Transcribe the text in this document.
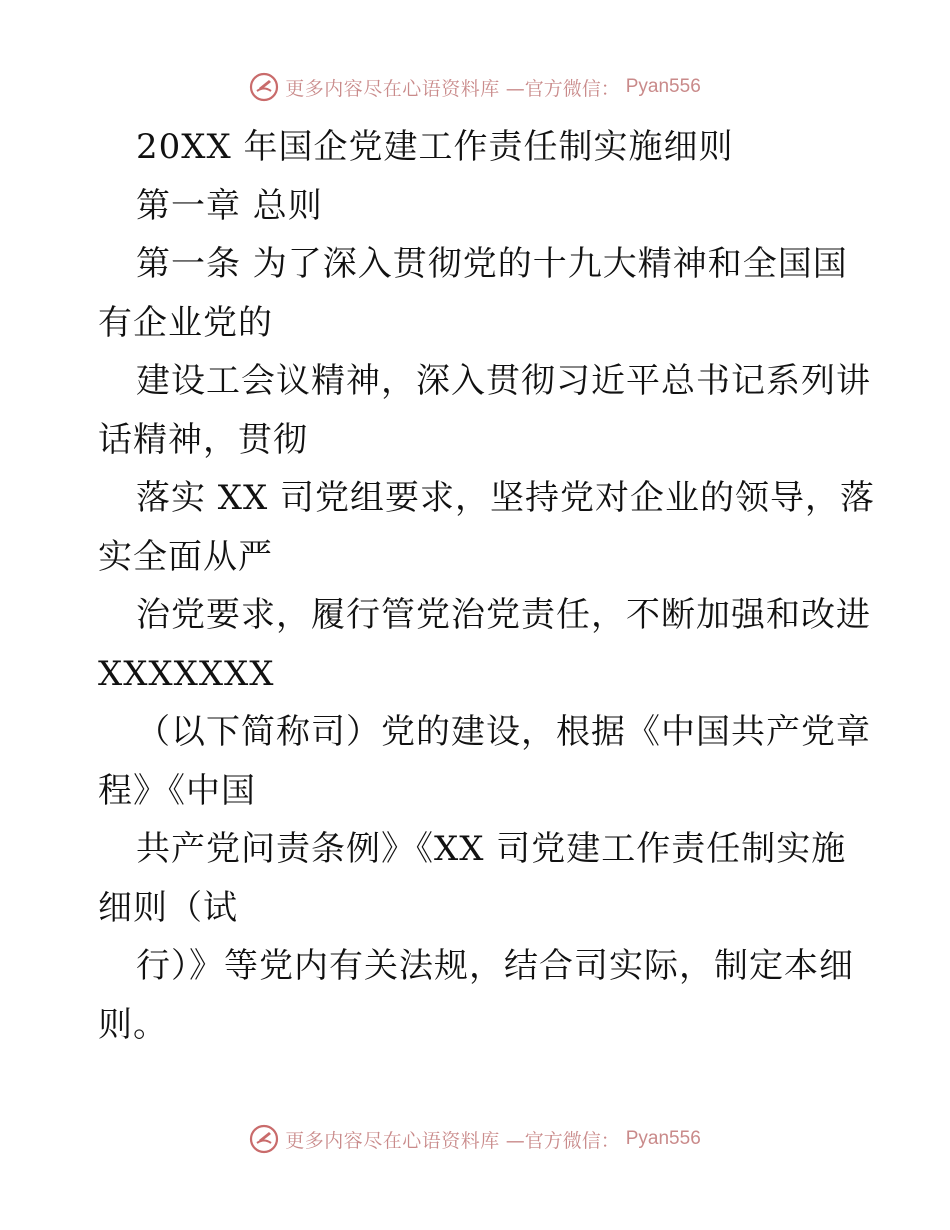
更多内容尽在心语资料库 —官方微信： Pyan556
20XX 年国企党建工作责任制实施细则
第一章 总则
第一条 为了深入贯彻党的十九大精神和全国国
有企业党的
建设工会议精神，深入贯彻习近平总书记系列讲
话精神，贯彻
落实 XX 司党组要求，坚持党对企业的领导，落
实全面从严
治党要求，履行管党治党责任，不断加强和改进
XXXXXXX
（以下简称司）党的建设，根据《中国共产党章
程》《中国
共产党问责条例》《XX 司党建工作责任制实施
细则（试
行）》等党内有关法规，结合司实际，制定本细
则。
更多内容尽在心语资料库 —官方微信： Pyan556
